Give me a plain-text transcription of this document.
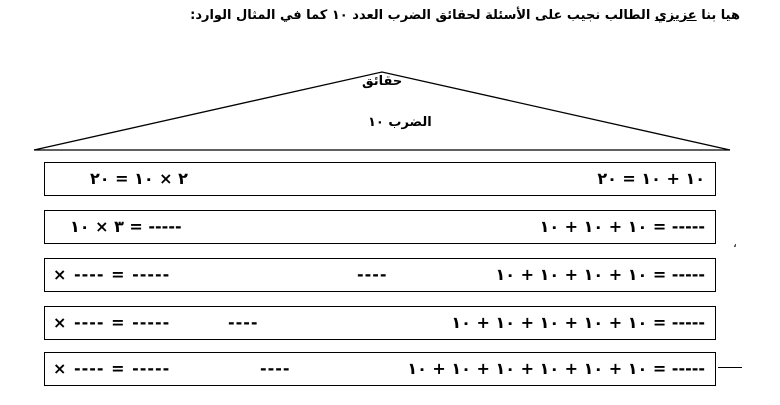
هيا بنا عزيزي الطالب نجيب على الأسئلة لحقائق الضرب العدد ١٠ كما في المثال الوارد:
حقائق
الضرب ١٠
١٠ + ١٠ = ٢٠
٢ × ١٠ = ٢٠
١٠ + ١٠ + ١٠ = -----
٣ × ١٠ = -----
١٠ + ١٠ + ١٠ + ١٠ = -----
----
× ---- = -----
١٠ + ١٠ + ١٠ + ١٠ + ١٠ = -----
----
× ---- = -----
١٠ + ١٠ + ١٠ + ١٠ + ١٠ + ١٠ = -----
----
× ---- = -----
،
